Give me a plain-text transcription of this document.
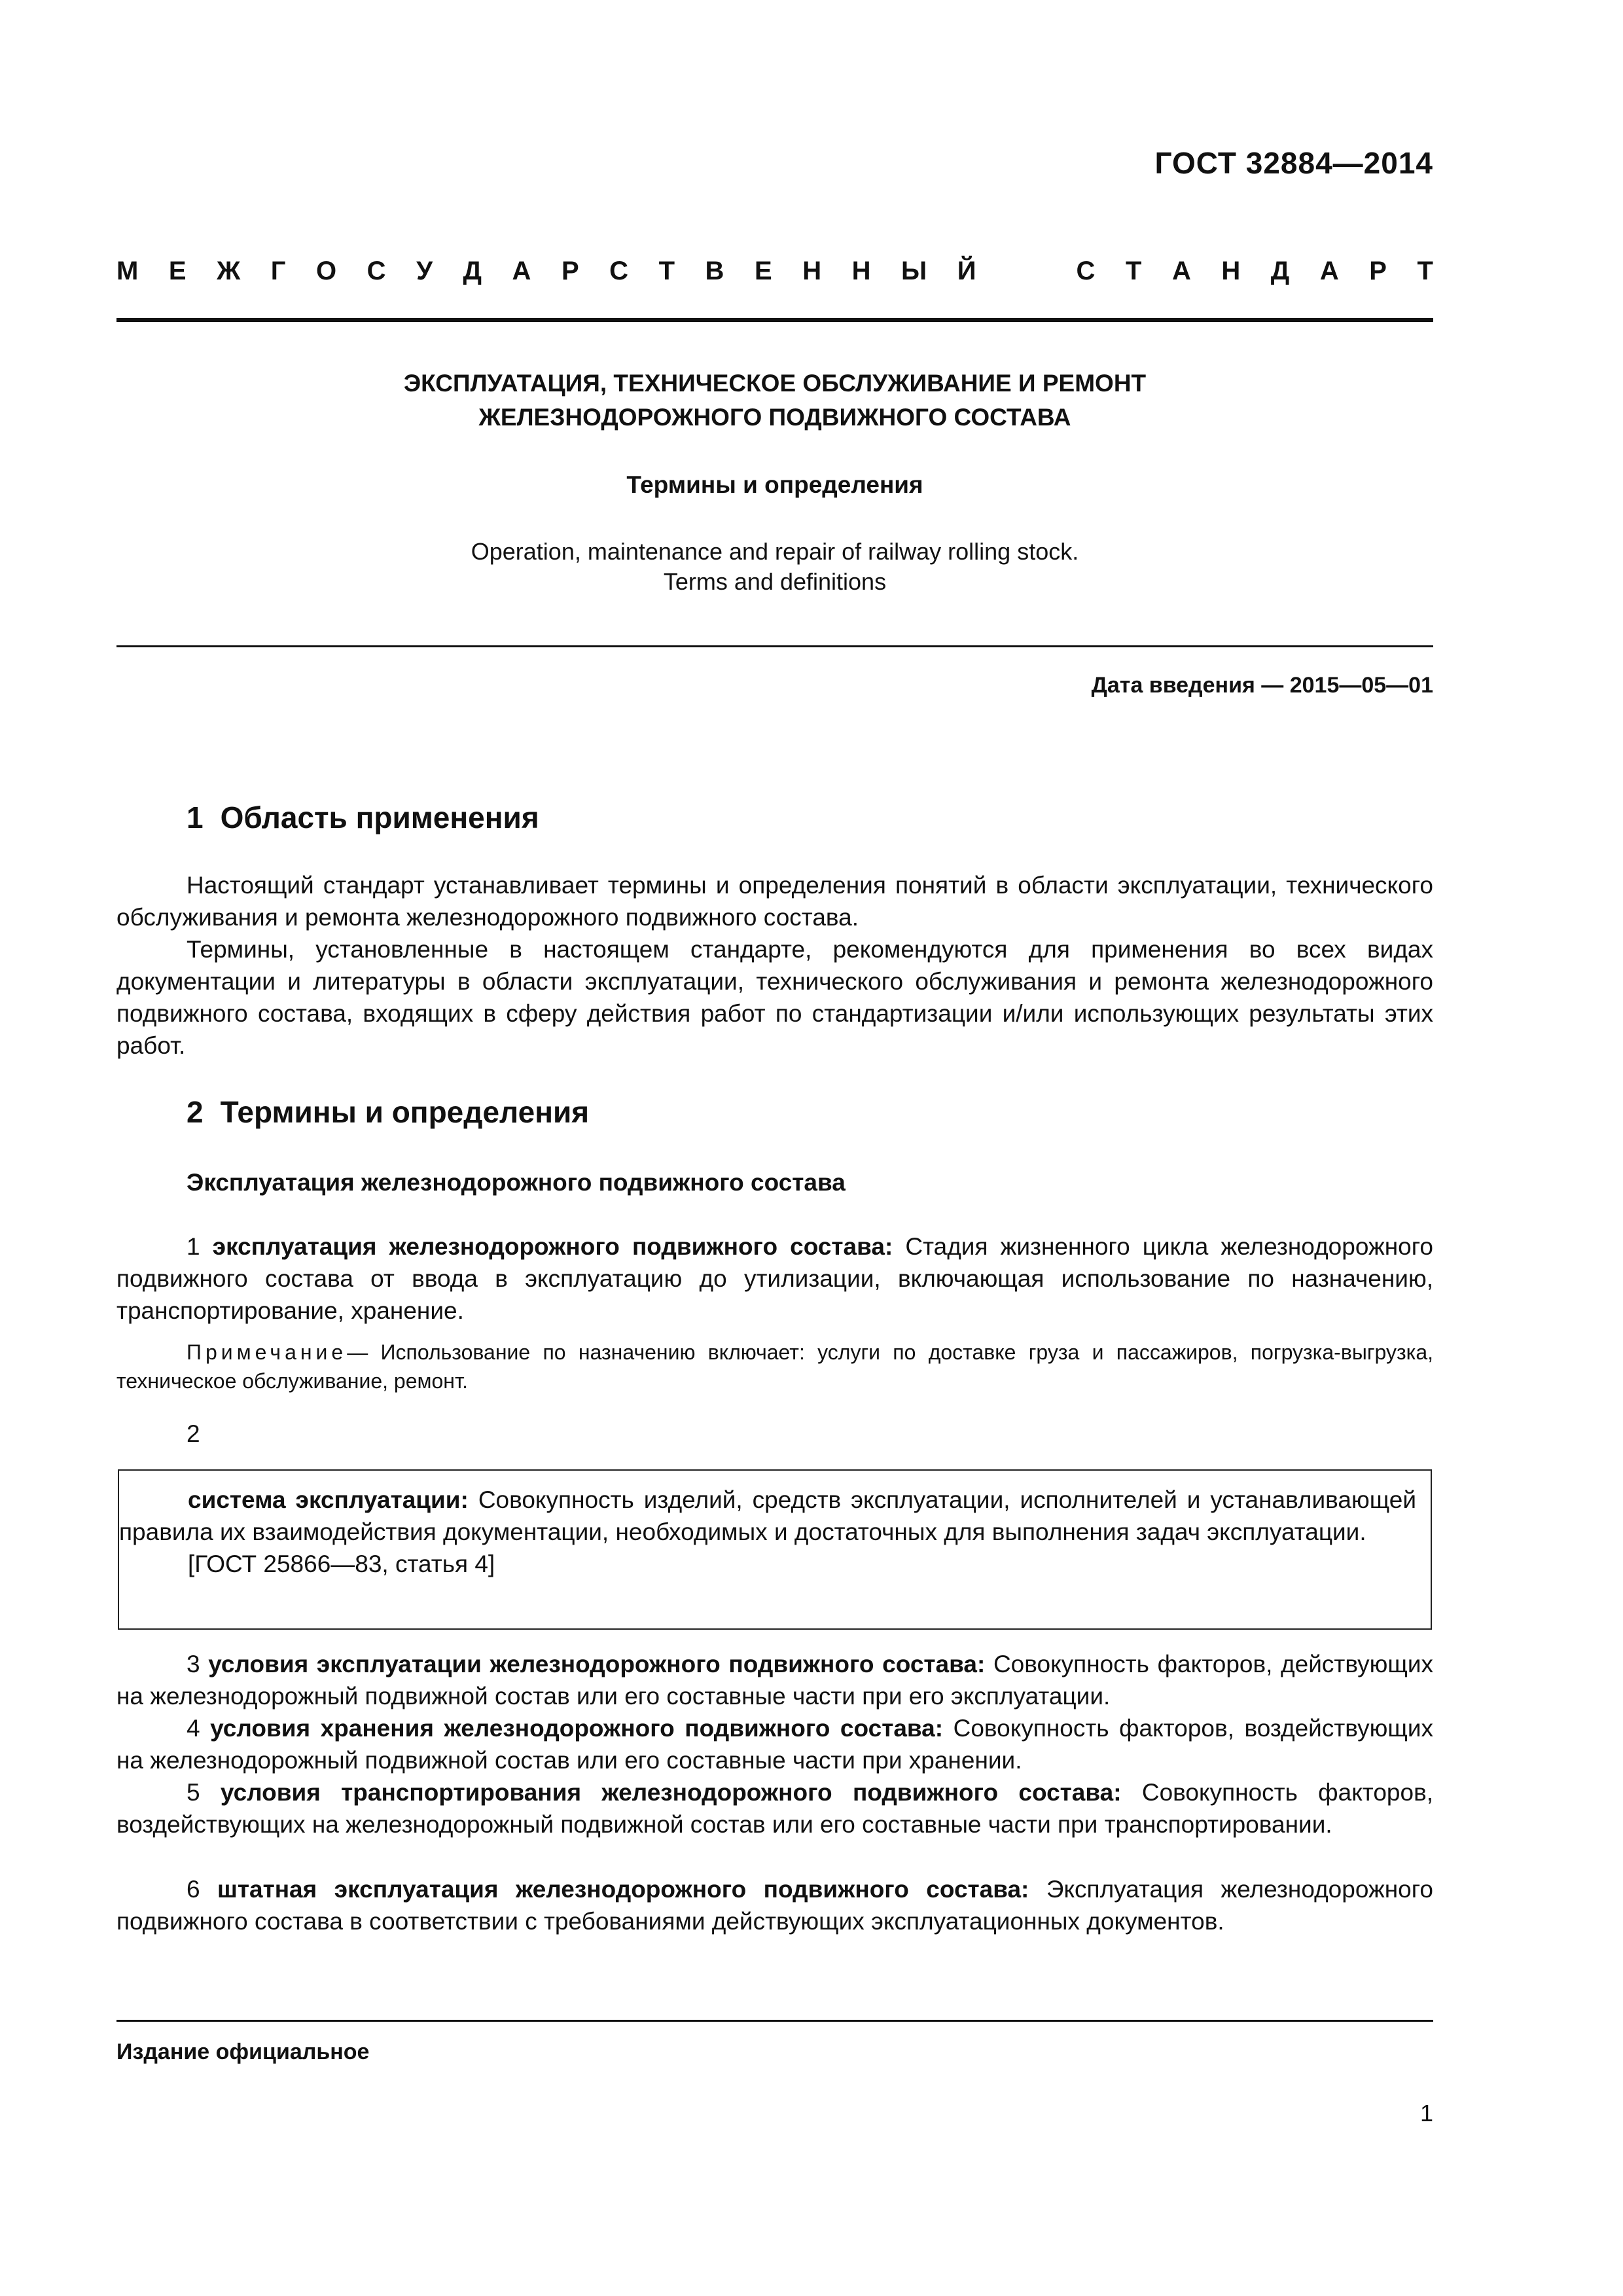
ГОСТ 32884—2014
М Е Ж Г О С У Д А Р С Т В Е Н Н Ы Й	С Т А Н Д А Р Т
ЭКСПЛУАТАЦИЯ, ТЕХНИЧЕСКОЕ ОБСЛУЖИВАНИЕ И РЕМОНТ
ЖЕЛЕЗНОДОРОЖНОГО ПОДВИЖНОГО СОСТАВА
Термины и определения
Operation, maintenance and repair of railway rolling stock.
Terms and definitions
Дата введения — 2015—05—01
1 Область применения
Настоящий стандарт устанавливает термины и определения понятий в области эксплуатации, технического обслуживания и ремонта железнодорожного подвижного состава.
Термины, установленные в настоящем стандарте, рекомендуются для применения во всех видах документации и литературы в области эксплуатации, технического обслуживания и ремонта железнодорожного подвижного состава, входящих в сферу действия работ по стандартизации и/или использующих результаты этих работ.
2 Термины и определения
Эксплуатация железнодорожного подвижного состава
1 эксплуатация железнодорожного подвижного состава: Стадия жизненного цикла железнодорожного подвижного состава от ввода в эксплуатацию до утилизации, включающая использование по назначению, транспортирование, хранение.
Примечание— Использование по назначению включает: услуги по доставке груза и пассажиров, погрузка-выгрузка, техническое обслуживание, ремонт.
2
система эксплуатации: Совокупность изделий, средств эксплуатации, исполнителей и устанавливающей правила их взаимодействия документации, необходимых и достаточных для выполнения задач эксплуатации.
[ГОСТ 25866—83, статья 4]
3 условия эксплуатации железнодорожного подвижного состава: Совокупность факторов, действующих на железнодорожный подвижной состав или его составные части при его эксплуатации.
4 условия хранения железнодорожного подвижного состава: Совокупность факторов, воздействующих на железнодорожный подвижной состав или его составные части при хранении.
5 условия транспортирования железнодорожного подвижного состава: Совокупность факторов, воздействующих на железнодорожный подвижной состав или его составные части при транспортировании.
6 штатная эксплуатация железнодорожного подвижного состава: Эксплуатация железнодорожного подвижного состава в соответствии с требованиями действующих эксплуатационных документов.
Издание официальное
1
